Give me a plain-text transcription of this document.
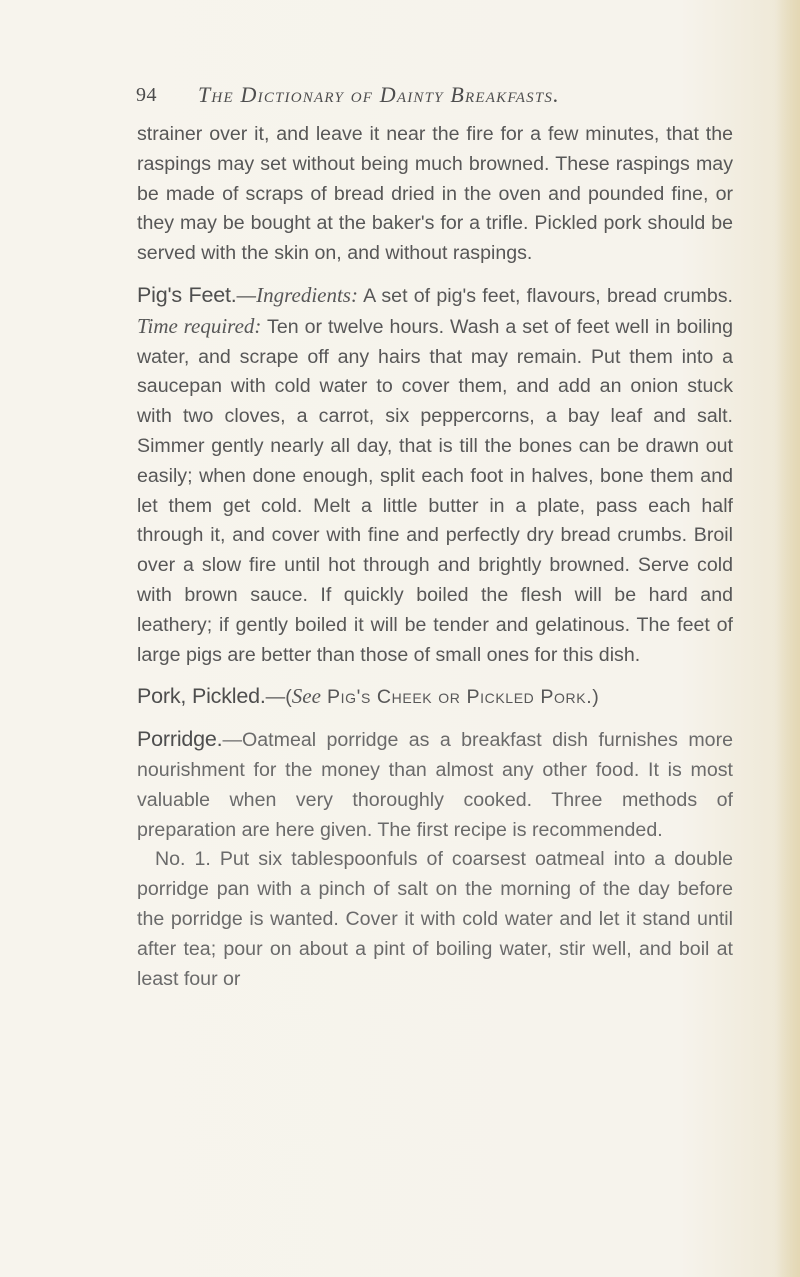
94 The Dictionary of Dainty Breakfasts.

strainer over it, and leave it near the fire for a few minutes, that the raspings may set without being much browned. These raspings may be made of scraps of bread dried in the oven and pounded fine, or they may be bought at the baker's for a trifle. Pickled pork should be served with the skin on, and without raspings.

Pig's Feet.—Ingredients: A set of pig's feet, flavours, bread crumbs. Time required: Ten or twelve hours. Wash a set of feet well in boiling water, and scrape off any hairs that may remain. Put them into a saucepan with cold water to cover them, and add an onion stuck with two cloves, a carrot, six peppercorns, a bay leaf and salt. Simmer gently nearly all day, that is till the bones can be drawn out easily; when done enough, split each foot in halves, bone them and let them get cold. Melt a little butter in a plate, pass each half through it, and cover with fine and perfectly dry bread crumbs. Broil over a slow fire until hot through and brightly browned. Serve cold with brown sauce. If quickly boiled the flesh will be hard and leathery; if gently boiled it will be tender and gelatinous. The feet of large pigs are better than those of small ones for this dish.

Pork, Pickled.—(See Pig's Cheek or Pickled Pork.)

Porridge.—Oatmeal porridge as a breakfast dish furnishes more nourishment for the money than almost any other food. It is most valuable when very thoroughly cooked. Three methods of preparation are here given. The first recipe is recommended.

No. 1. Put six tablespoonfuls of coarsest oatmeal into a double porridge pan with a pinch of salt on the morning of the day before the porridge is wanted. Cover it with cold water and let it stand until after tea; pour on about a pint of boiling water, stir well, and boil at least four or
